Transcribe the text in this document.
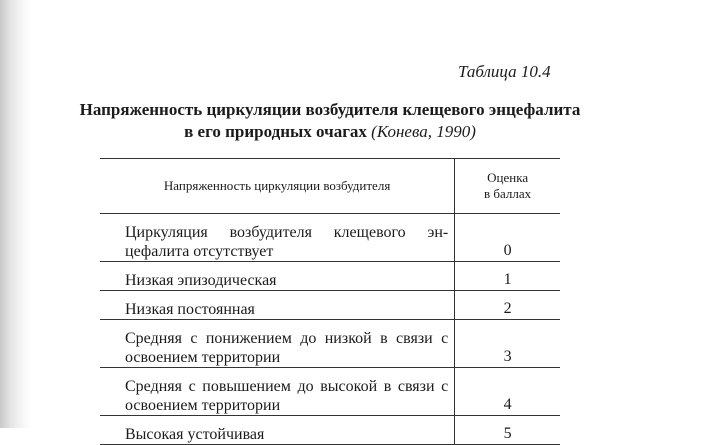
Таблица 10.4
Напряженность циркуляции возбудителя клещевого энцефалита
в его природных очагах (Конева, 1990)
Напряженность циркуляции возбудителя	Оценка
в баллах
Циркуляция возбудителя клещевого энцефалита отсутствует	0
Низкая эпизодическая	1
Низкая постоянная	2
Средняя с понижением до низкой в связи с освоением территории	3
Средняя с повышением до высокой в связи с освоением территории	4
Высокая устойчивая	5
